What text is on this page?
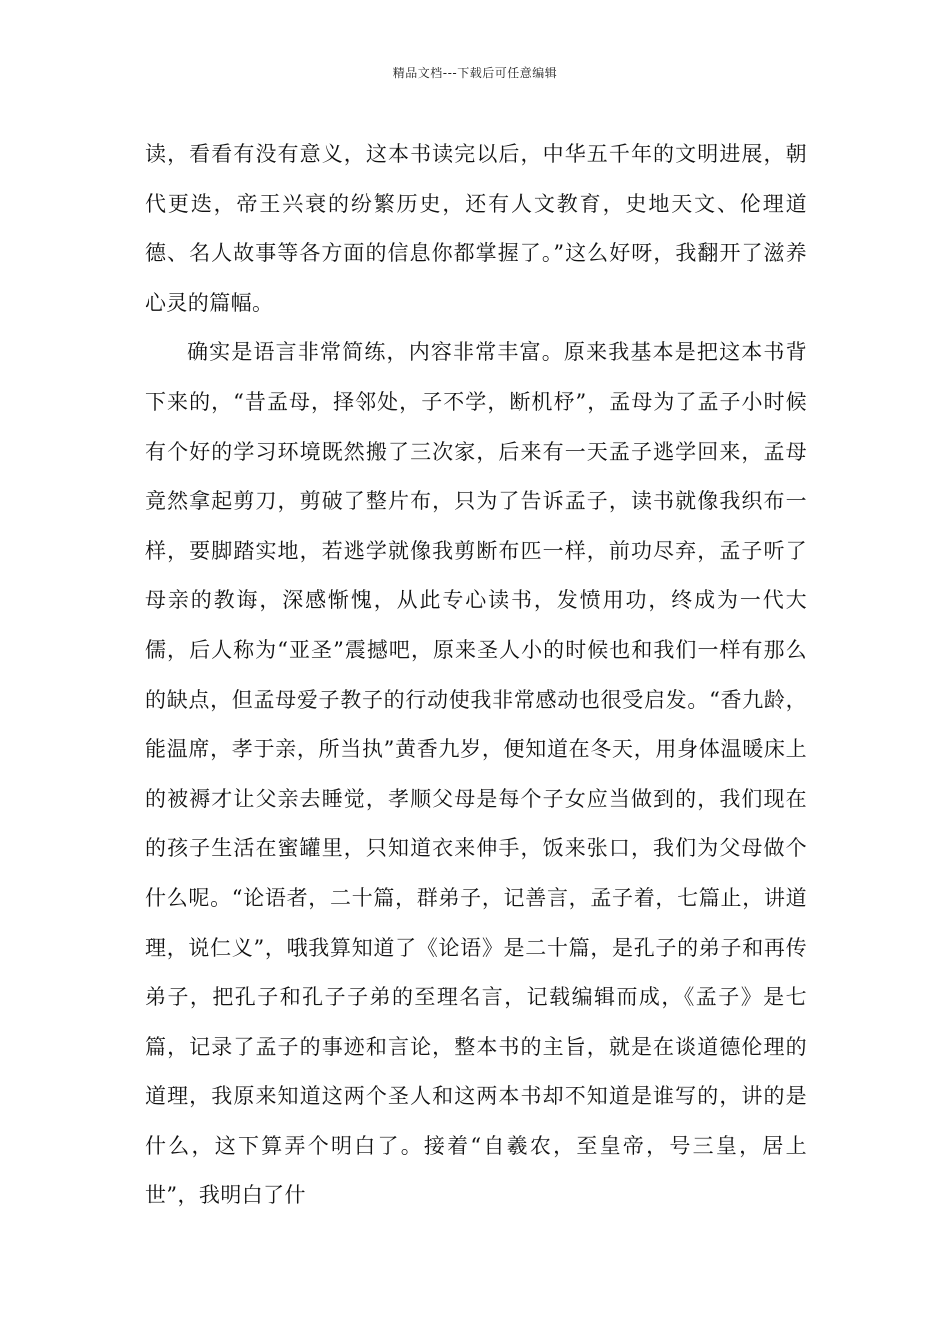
精品文档---下载后可任意编辑

读，看看有没有意义，这本书读完以后，中华五千年的文明进展，朝代更迭，帝王兴衰的纷繁历史，还有人文教育，史地天文、伦理道德、名人故事等各方面的信息你都掌握了。”这么好呀，我翻开了滋养心灵的篇幅。

确实是语言非常简练，内容非常丰富。原来我基本是把这本书背下来的，“昔孟母，择邻处，子不学，断机杼”，孟母为了孟子小时候有个好的学习环境既然搬了三次家，后来有一天孟子逃学回来，孟母竟然拿起剪刀，剪破了整片布，只为了告诉孟子，读书就像我织布一样，要脚踏实地，若逃学就像我剪断布匹一样，前功尽弃，孟子听了母亲的教诲，深感惭愧，从此专心读书，发愤用功，终成为一代大儒，后人称为“亚圣”震撼吧，原来圣人小的时候也和我们一样有那么的缺点，但孟母爱子教子的行动使我非常感动也很受启发。“香九龄，能温席，孝于亲，所当执”黄香九岁，便知道在冬天，用身体温暖床上的被褥才让父亲去睡觉，孝顺父母是每个子女应当做到的，我们现在的孩子生活在蜜罐里，只知道衣来伸手，饭来张口，我们为父母做个什么呢。“论语者，二十篇，群弟子，记善言，孟子着，七篇止，讲道理，说仁义”，哦我算知道了《论语》是二十篇，是孔子的弟子和再传弟子，把孔子和孔子子弟的至理名言，记载编辑而成，《孟子》是七篇，记录了孟子的事迹和言论，整本书的主旨，就是在谈道德伦理的道理，我原来知道这两个圣人和这两本书却不知道是谁写的，讲的是什么，这下算弄个明白了。接着“自羲农，至皇帝，号三皇，居上世”，我明白了什
